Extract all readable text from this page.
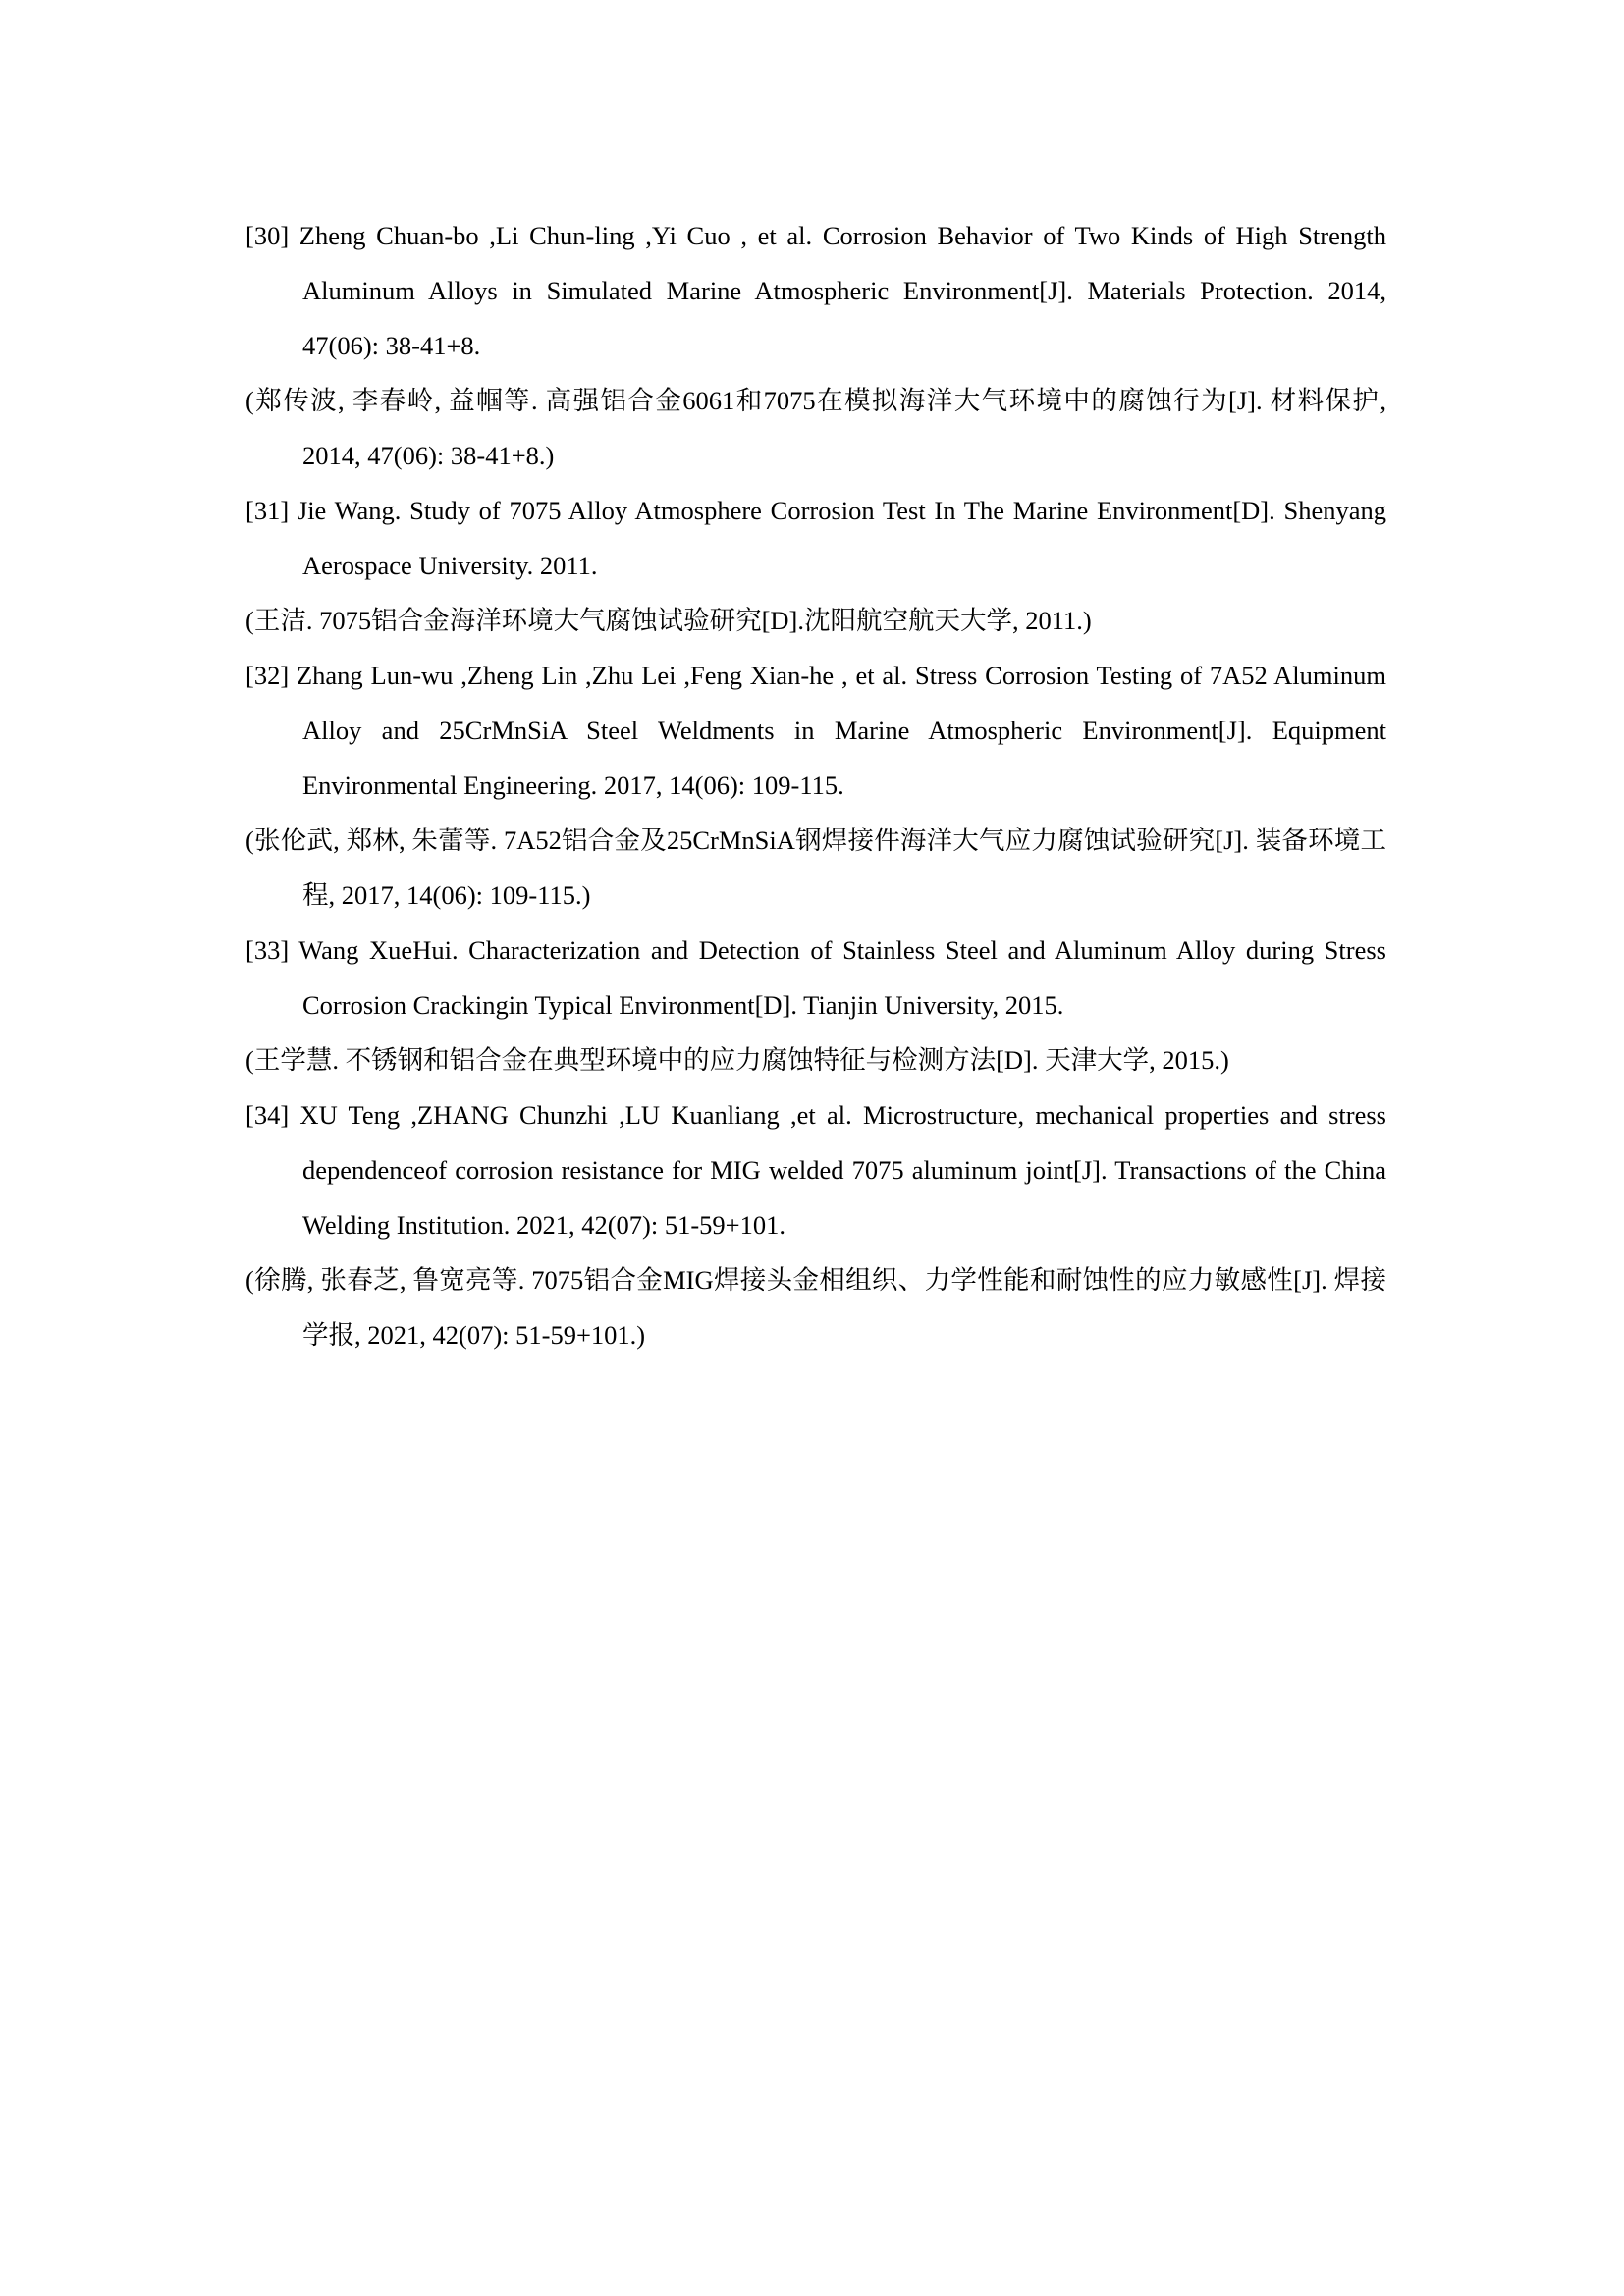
[30] Zheng Chuan-bo ,Li Chun-ling ,Yi Cuo , et al. Corrosion Behavior of Two Kinds of High Strength Aluminum Alloys in Simulated Marine Atmospheric Environment[J]. Materials Protection. 2014, 47(06): 38-41+8.
(郑传波, 李春岭, 益帼等. 高强铝合金6061和7075在模拟海洋大气环境中的腐蚀行为[J]. 材料保护, 2014, 47(06): 38-41+8.)
[31] Jie Wang. Study of 7075 Alloy Atmosphere Corrosion Test In The Marine Environment[D]. Shenyang Aerospace University. 2011.
(王洁. 7075铝合金海洋环境大气腐蚀试验研究[D].沈阳航空航天大学, 2011.)
[32] Zhang Lun-wu ,Zheng Lin ,Zhu Lei ,Feng Xian-he , et al. Stress Corrosion Testing of 7A52 Aluminum Alloy and 25CrMnSiA Steel Weldments in Marine Atmospheric Environment[J]. Equipment Environmental Engineering. 2017, 14(06): 109-115.
(张伦武, 郑林, 朱蕾等. 7A52铝合金及25CrMnSiA钢焊接件海洋大气应力腐蚀试验研究[J]. 装备环境工程, 2017, 14(06): 109-115.)
[33] Wang XueHui. Characterization and Detection of Stainless Steel and Aluminum Alloy during Stress Corrosion Crackingin Typical Environment[D]. Tianjin University, 2015.
(王学慧. 不锈钢和铝合金在典型环境中的应力腐蚀特征与检测方法[D]. 天津大学, 2015.)
[34] XU Teng ,ZHANG Chunzhi ,LU Kuanliang ,et al. Microstructure, mechanical properties and stress dependenceof corrosion resistance for MIG welded 7075 aluminum joint[J]. Transactions of the China Welding Institution. 2021, 42(07): 51-59+101.
(徐腾, 张春芝, 鲁宽亮等. 7075铝合金MIG焊接头金相组织、力学性能和耐蚀性的应力敏感性[J]. 焊接学报, 2021, 42(07): 51-59+101.)
